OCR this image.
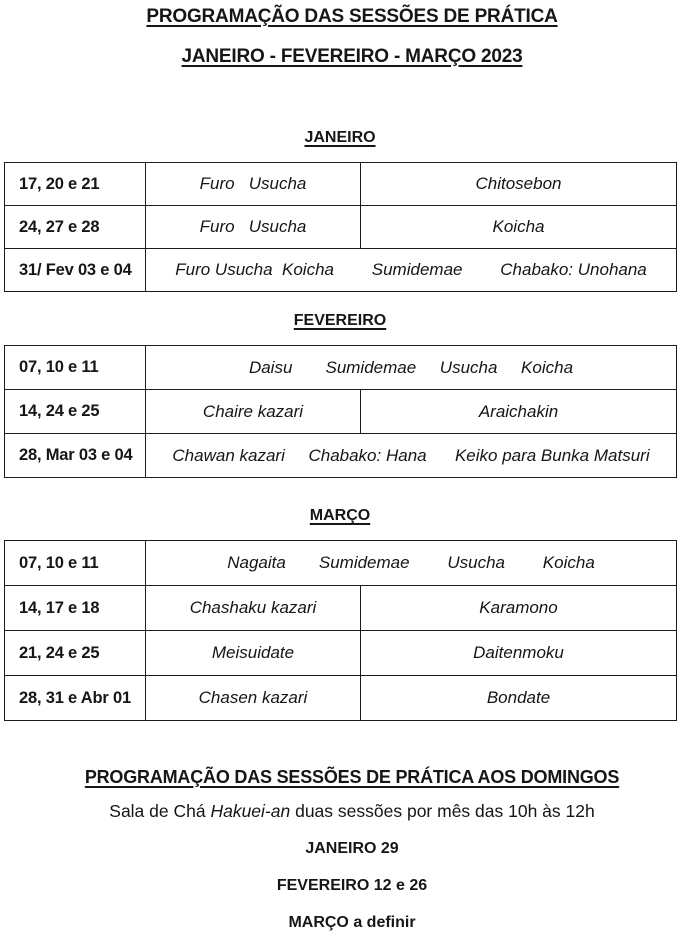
PROGRAMAÇÃO DAS SESSÕES DE PRÁTICA
JANEIRO - FEVEREIRO - MARÇO 2023
JANEIRO
17, 20 e 21	Furo   Usucha	Chitosebon
24, 27 e 28	Furo   Usucha	Koicha
31/ Fev 03 e 04	Furo Usucha  Koicha        Sumidemae        Chabako: Unohana	
FEVEREIRO
07, 10 e 11	Daisu       Sumidemae     Usucha     Koicha	
14, 24 e 25	Chaire kazari	Araichakin
28, Mar 03 e 04	Chawan kazari     Chabako: Hana      Keiko para Bunka Matsuri	
MARÇO
07, 10 e 11	Nagaita       Sumidemae        Usucha        Koicha	
14, 17 e 18	Chashaku kazari	Karamono
21, 24 e 25	Meisuidate	Daitenmoku
28, 31 e Abr 01	Chasen kazari	Bondate
PROGRAMAÇÃO DAS SESSÕES DE PRÁTICA AOS DOMINGOS
Sala de Chá Hakuei-an duas sessões por mês das 10h às 12h
JANEIRO 29
FEVEREIRO 12 e 26
MARÇO a definir
